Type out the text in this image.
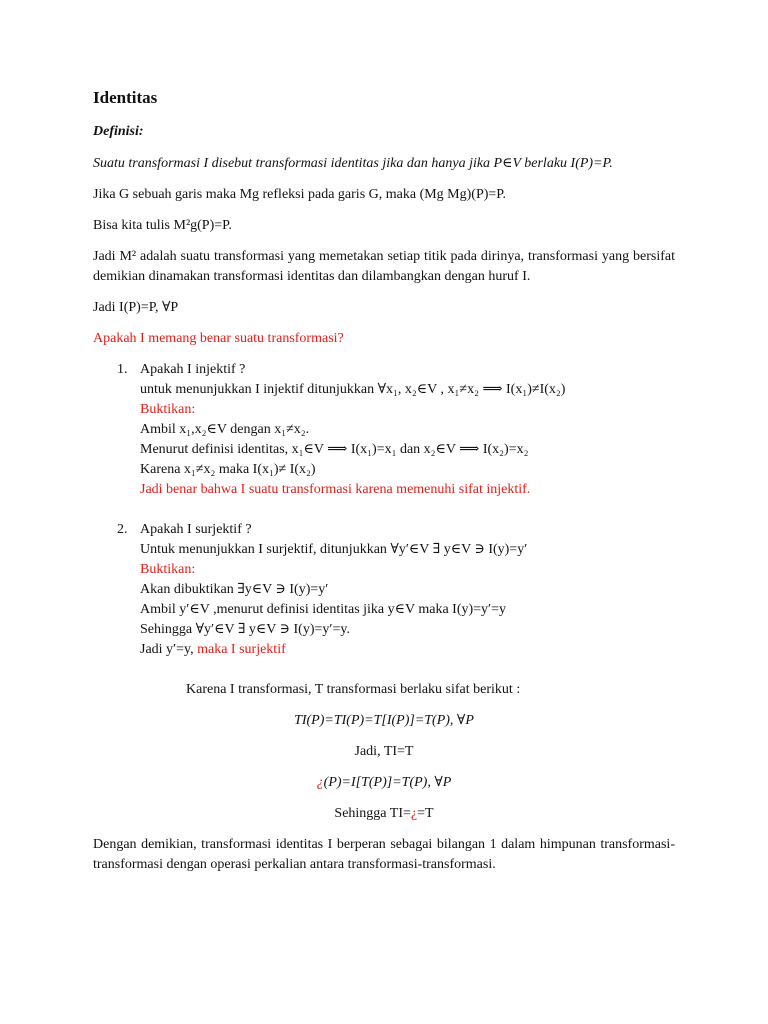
Identitas
Definisi:

Suatu transformasi I disebut transformasi identitas jika dan hanya jika P∈V berlaku I(P)=P.

Jika G sebuah garis maka Mg refleksi pada garis G, maka (Mg Mg)(P)=P.

Bisa kita tulis M²g(P)=P.

Jadi M² adalah suatu transformasi yang memetakan setiap titik pada dirinya, transformasi yang bersifat demikian dinamakan transformasi identitas dan dilambangkan dengan huruf I.

Jadi I(P)=P, ∀P

Apakah I memang benar suatu transformasi?

1. Apakah I injektif ?
untuk menunjukkan I injektif ditunjukkan ∀x₁, x₂∈V , x₁≠x₂ ⟹ I(x₁)≠I(x₂)
Buktikan:
Ambil x₁,x₂∈V dengan x₁≠x₂.
Menurut definisi identitas, x₁∈V ⟹ I(x₁)=x₁ dan x₂∈V ⟹ I(x₂)=x₂
Karena x₁≠x₂ maka I(x₁)≠ I(x₂)
Jadi benar bahwa I suatu transformasi karena memenuhi sifat injektif.
2. Apakah I surjektif ?
Untuk menunjukkan I surjektif, ditunjukkan ∀y′∈V ∃ y∈V ∋ I(y)=y′
Buktikan:
Akan dibuktikan ∃y∈V ∋ I(y)=y′
Ambil y′∈V ,menurut definisi identitas jika y∈V maka I(y)=y′=y
Sehingga ∀y′∈V ∃ y∈V ∋ I(y)=y′=y.
Jadi y′=y, maka I surjektif

Karena I transformasi, T transformasi berlaku sifat berikut :

TI(P)=TI(P)=T[I(P)]=T(P), ∀P
Jadi, TI=T
¿(P)=I[T(P)]=T(P), ∀P
Sehingga TI=¿=T

Dengan demikian, transformasi identitas I berperan sebagai bilangan 1 dalam himpunan transformasi-transformasi dengan operasi perkalian antara transformasi-transformasi.
